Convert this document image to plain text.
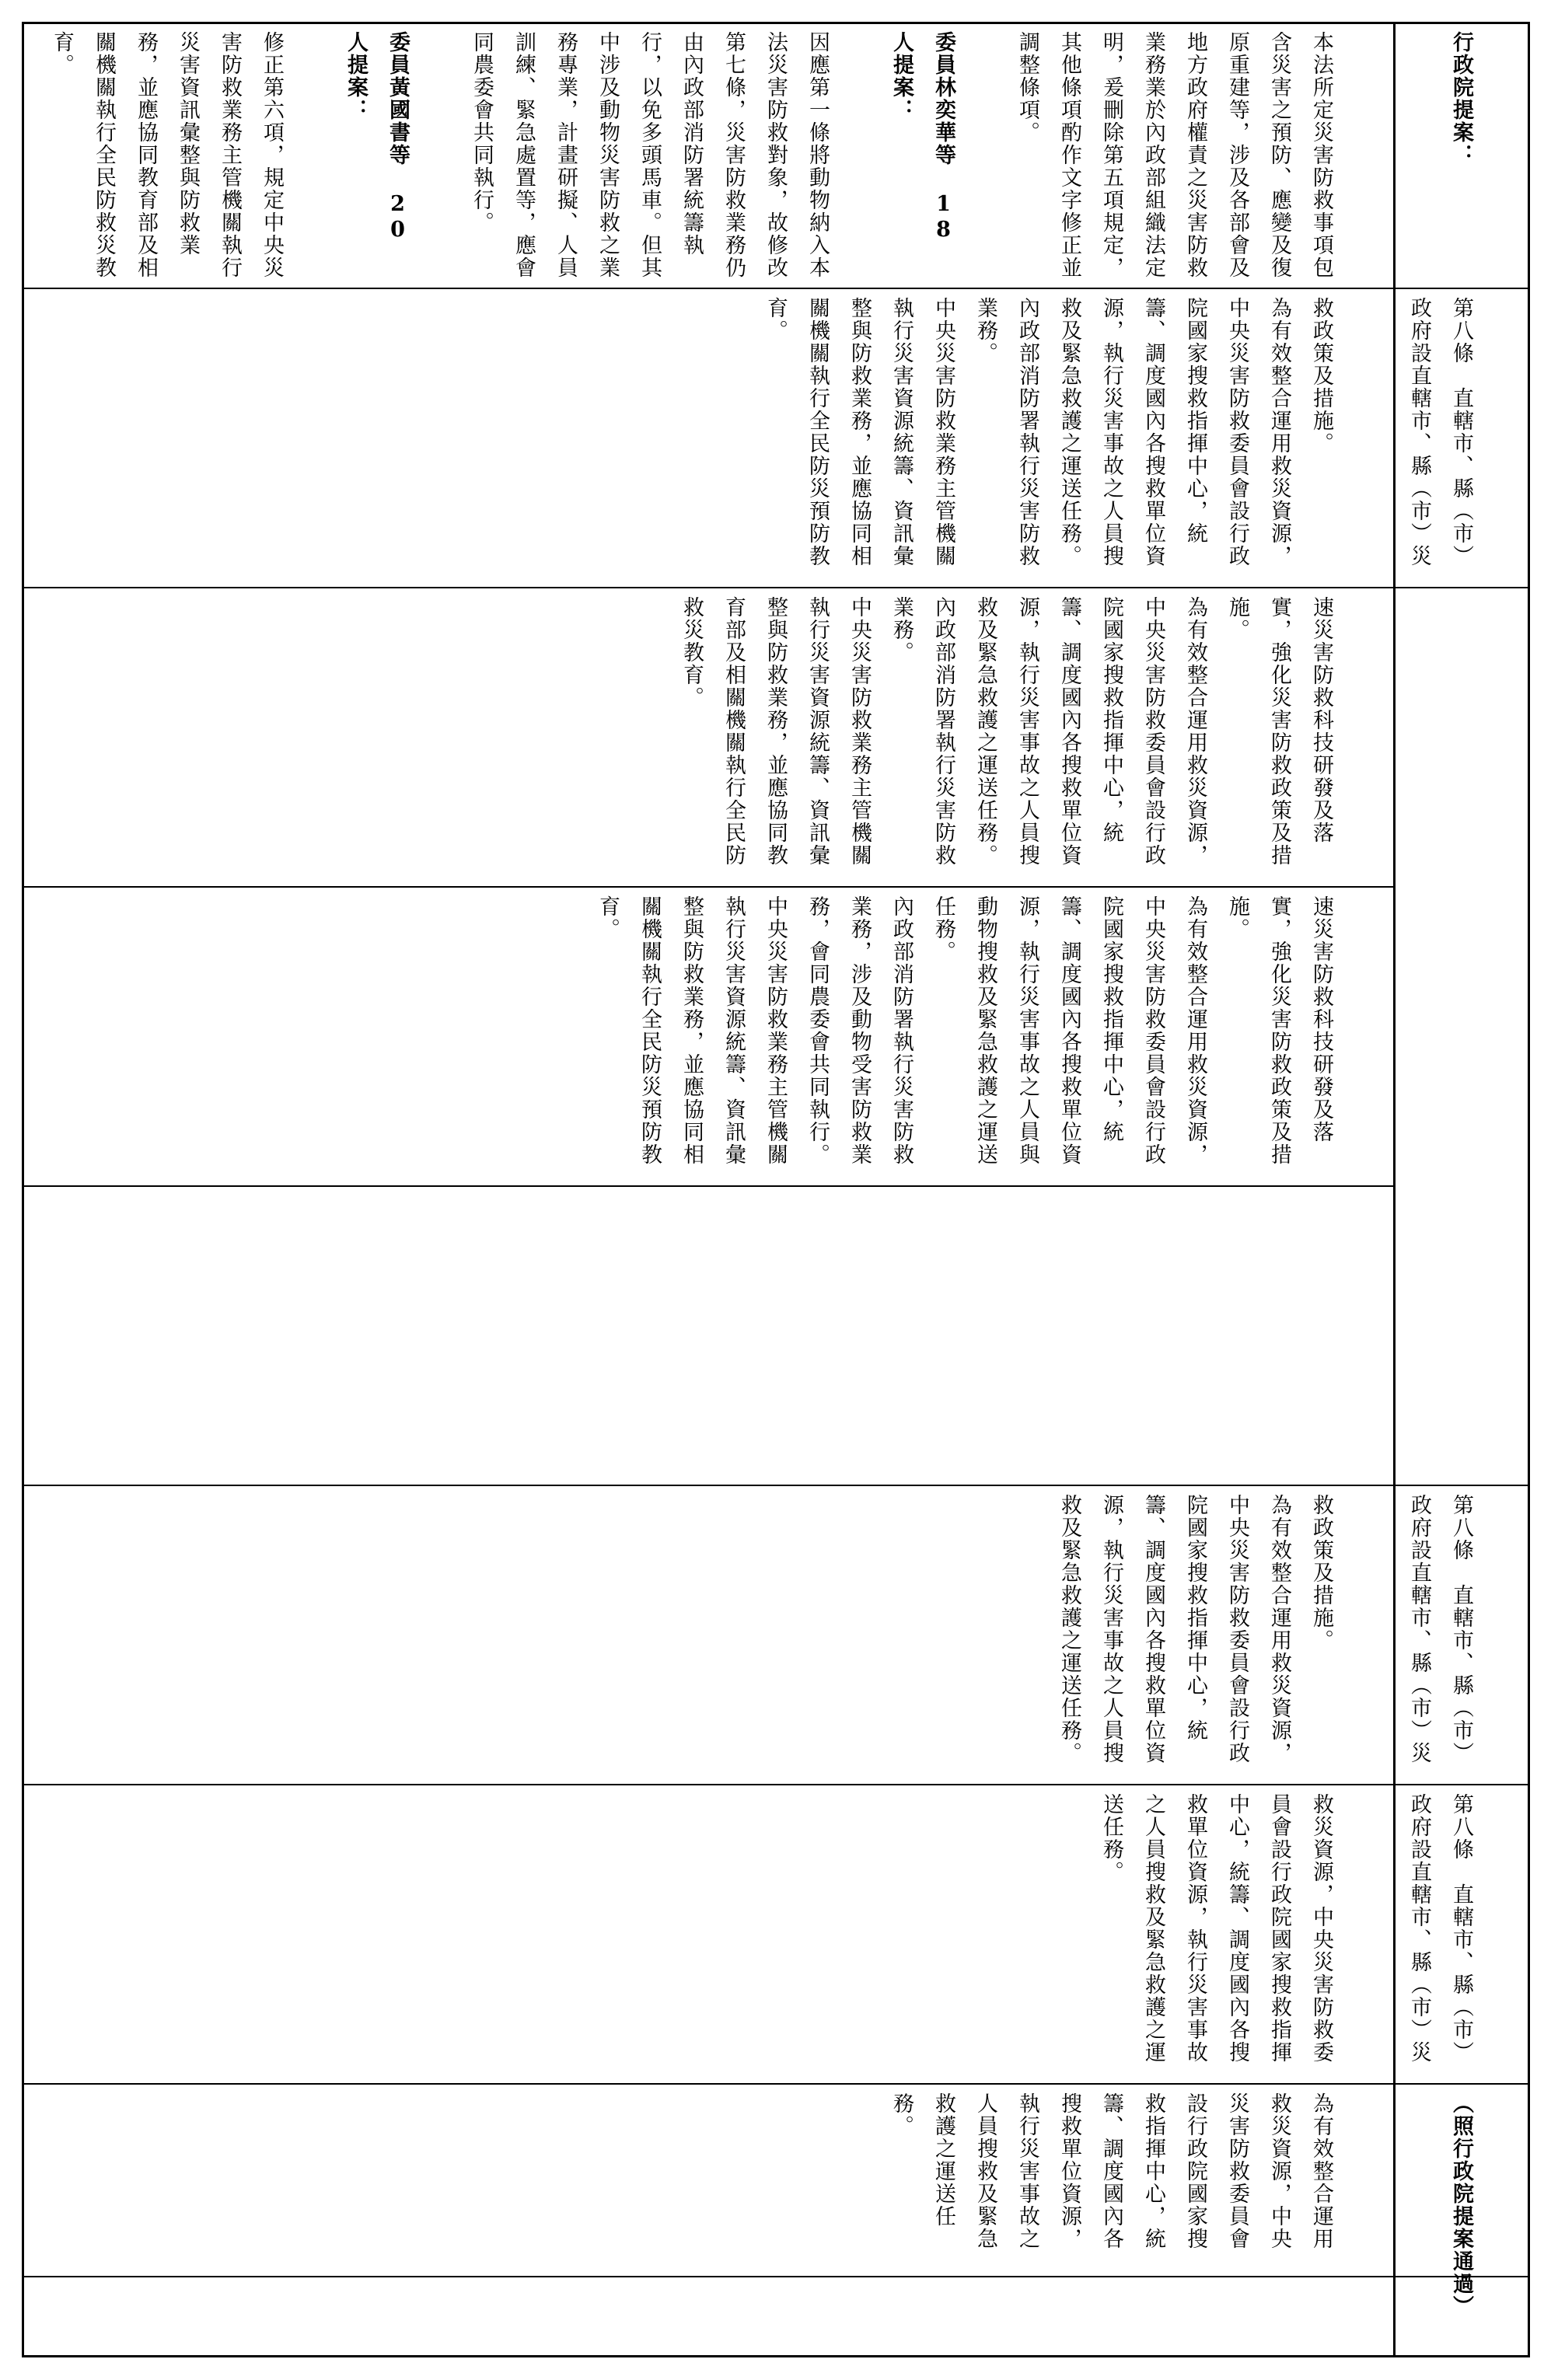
本法所定災害防救事項包含災害之預防、應變及復原重建等，涉及各部會及地方政府權責之災害防救業務業於內政部組織法定明，爰刪除第五項規定，其他條項酌作文字修正並調整條項。

委員林奕華等 18 人提案：

因應第一條將動物納入本法災害防救對象，故修改第七條，災害防救業務仍由內政部消防署統籌執行，以免多頭馬車。但其中涉及動物災害防救之業務專業，計畫研擬、人員訓練、緊急處置等，應會同農委會共同執行。

委員黃國書等 20 人提案：

修正第六項，規定中央災害防救業務主管機關執行災害資訊彙整與防救業務，並應協同教育部及相關機關執行全民防救災教育。

救政策及措施。
為有效整合運用救災資源，中央災害防救委員會設行政院國家搜救指揮中心，統籌、調度國內各搜救單位資源，執行災害事故之人員搜救及緊急救護之運送任務。
內政部消防署執行災害防救業務。
中央災害防救業務主管機關執行災害資源統籌、資訊彙整與防救業務，並應協同相關機關執行全民防災預防教育。

速災害防救科技研發及落實，強化災害防救政策及措施。
為有效整合運用救災資源，中央災害防救委員會設行政院國家搜救指揮中心，統籌、調度國內各搜救單位資源，執行災害事故之人員搜救及緊急救護之運送任務。
內政部消防署執行災害防救業務。
中央災害防救業務主管機關執行災害資源統籌、資訊彙整與防救業務，並應協同教育部及相關機關執行全民防救災教育。

速災害防救科技研發及落實，強化災害防救政策及措施。
為有效整合運用救災資源，中央災害防救委員會設行政院國家搜救指揮中心，統籌、調度國內各搜救單位資源，執行災害事故之人員與動物搜救及緊急救護之運送任務。
內政部消防署執行災害防救業務，涉及動物受害防救業務，會同農委會共同執行。
中央災害防救業務主管機關執行災害資源統籌、資訊彙整與防救業務，並應協同相關機關執行全民防災預防教育。

救政策及措施。
為有效整合運用救災資源，中央災害防救委員會設行政院國家搜救指揮中心，統籌、調度國內各搜救單位資源，執行災害事故之人員搜救及緊急救護之運送任務。

救災資源，中央災害防救委員會設行政院國家搜救指揮中心，統籌、調度國內各搜救單位資源，執行災害事故之人員搜救及緊急救護之運送任務。

為有效整合運用救災資源，中央災害防救委員會設行政院國家搜救指揮中心，統籌、調度國內各搜救單位資源，執行災害事故之人員搜救及緊急救護之運送任務。

行政院提案：

第八條　直轄市、縣（市）政府設直轄市、縣（市）災

第八條　直轄市、縣（市）政府設直轄市、縣（市）災

第八條　直轄市、縣（市）政府設直轄市、縣（市）災

（照行政院提案通過）
